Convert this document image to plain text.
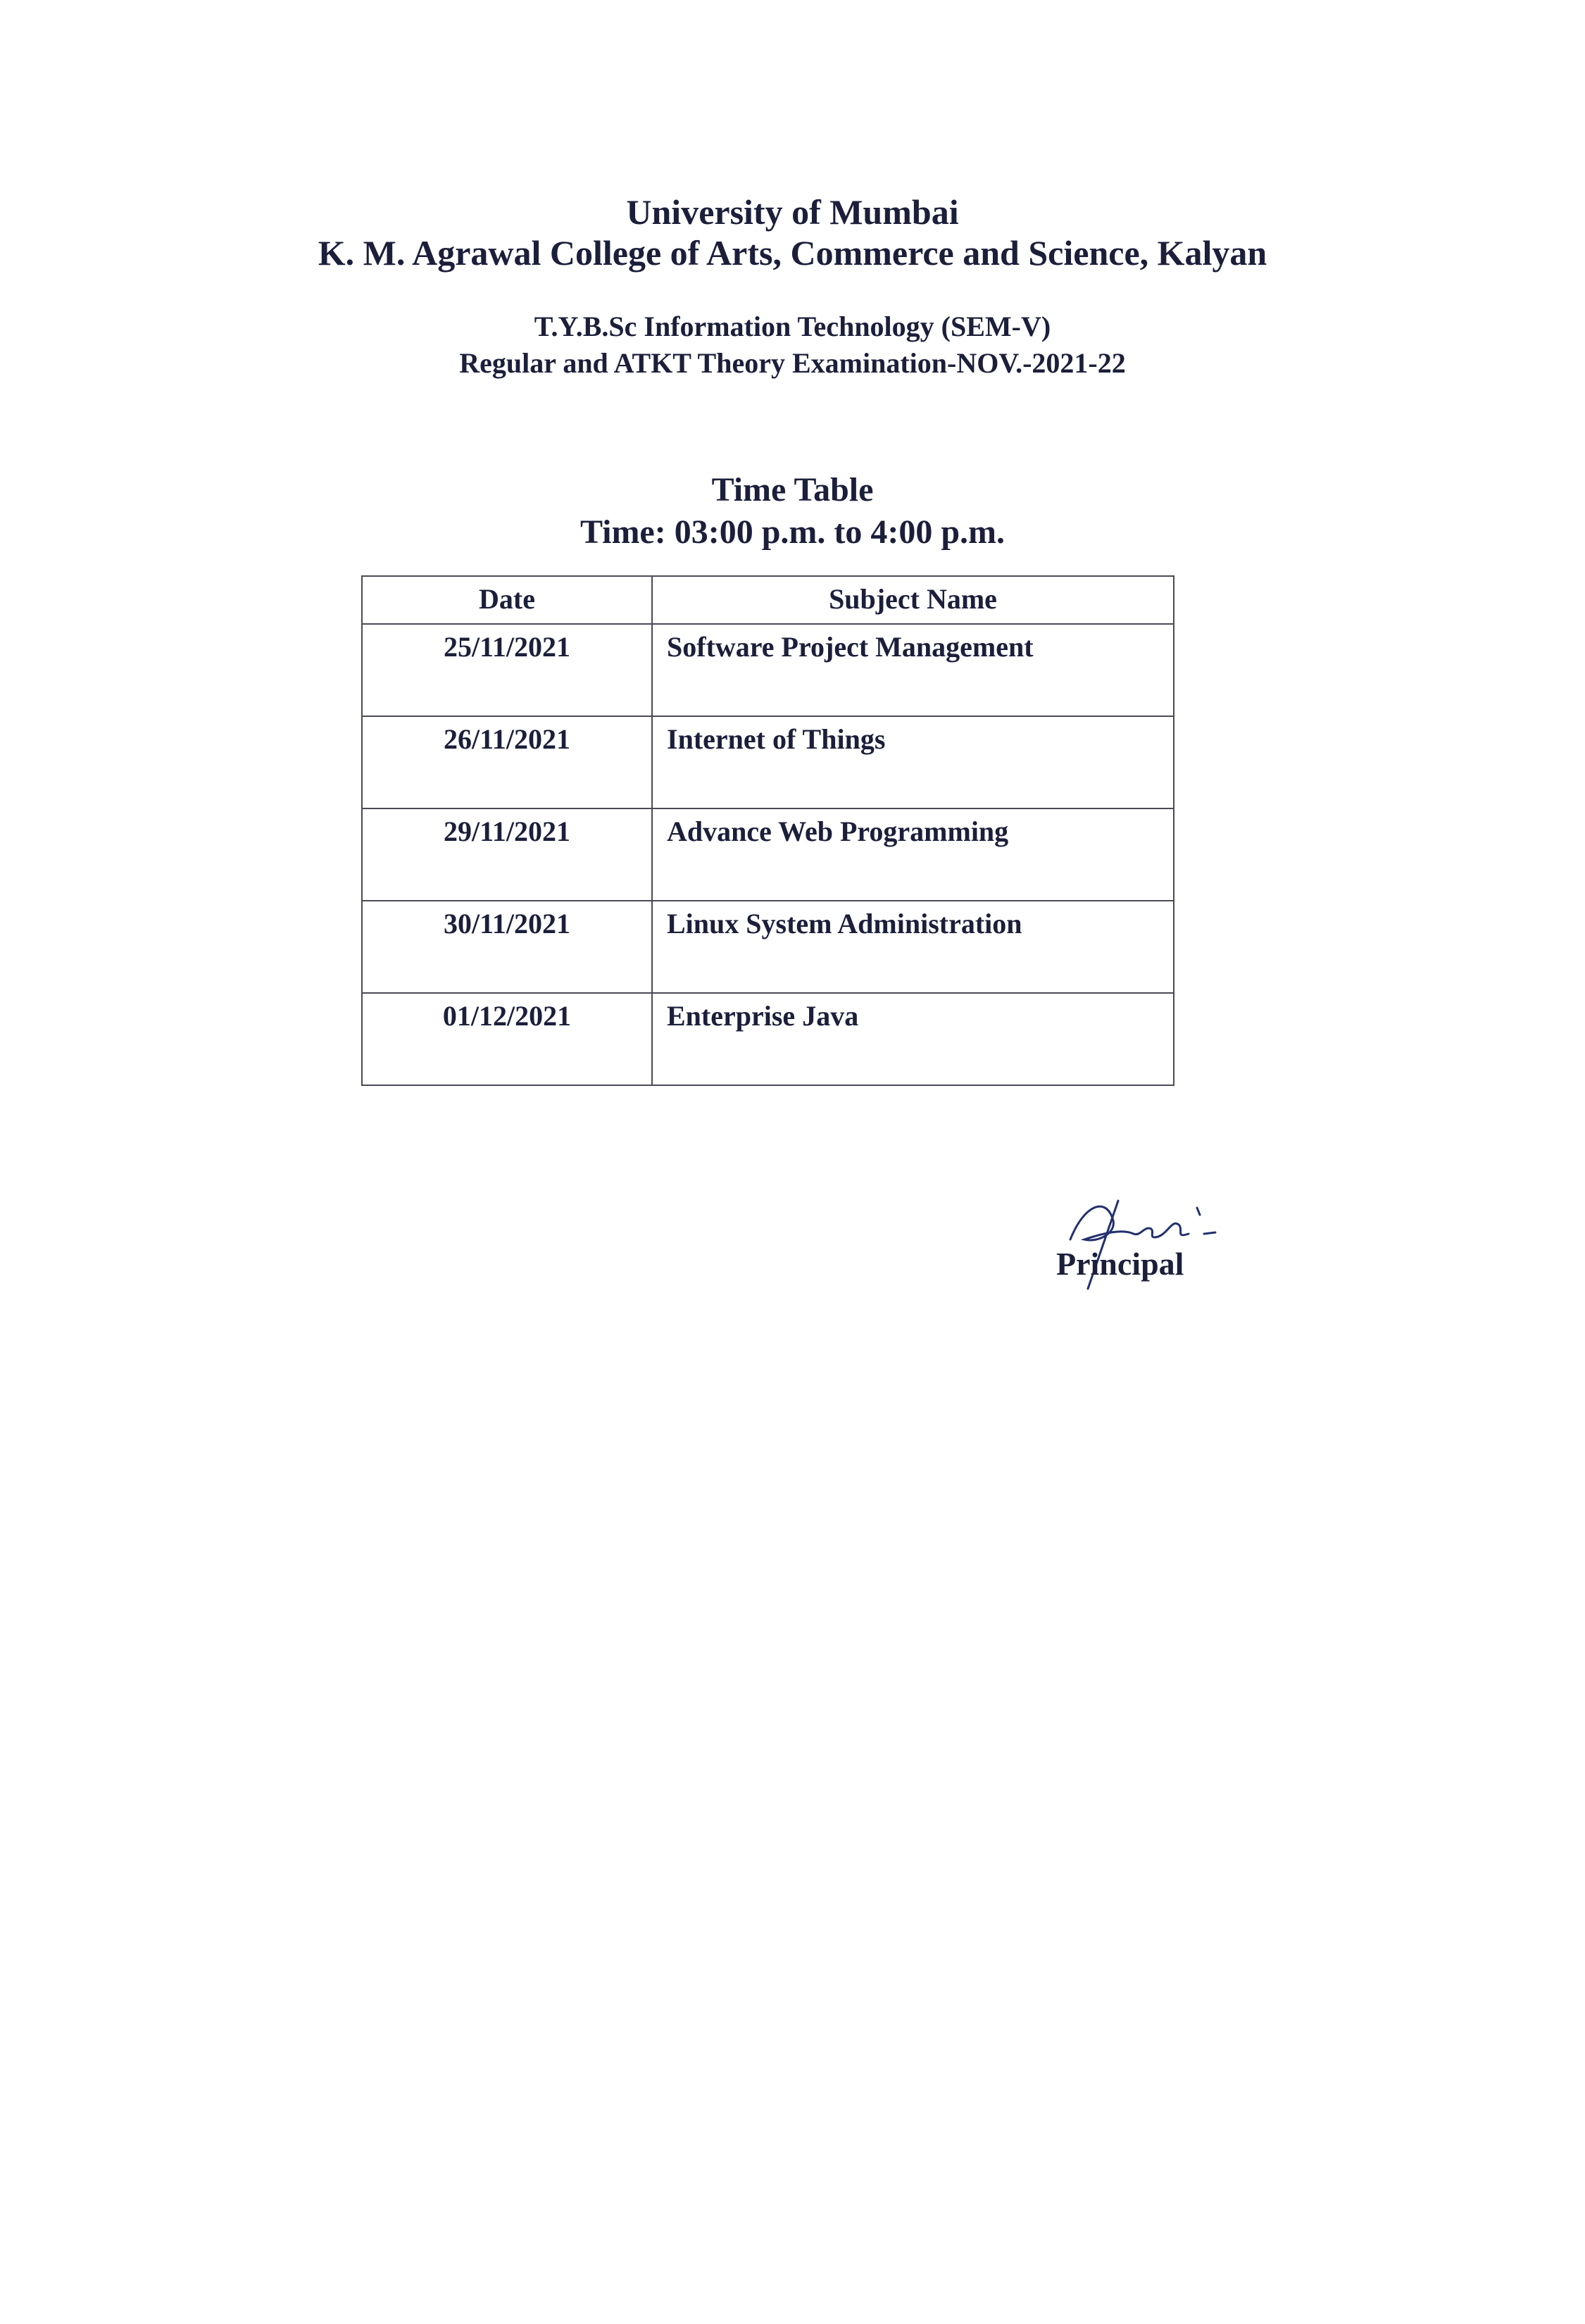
University of Mumbai
K. M. Agrawal College of Arts, Commerce and Science, Kalyan
T.Y.B.Sc Information Technology (SEM-V)
Regular and ATKT Theory Examination-NOV.-2021-22
Time Table
Time: 03:00 p.m. to 4:00 p.m.
Date	Subject Name
25/11/2021	Software Project Management
26/11/2021	Internet of Things
29/11/2021	Advance Web Programming
30/11/2021	Linux System Administration
01/12/2021	Enterprise Java
Principal
